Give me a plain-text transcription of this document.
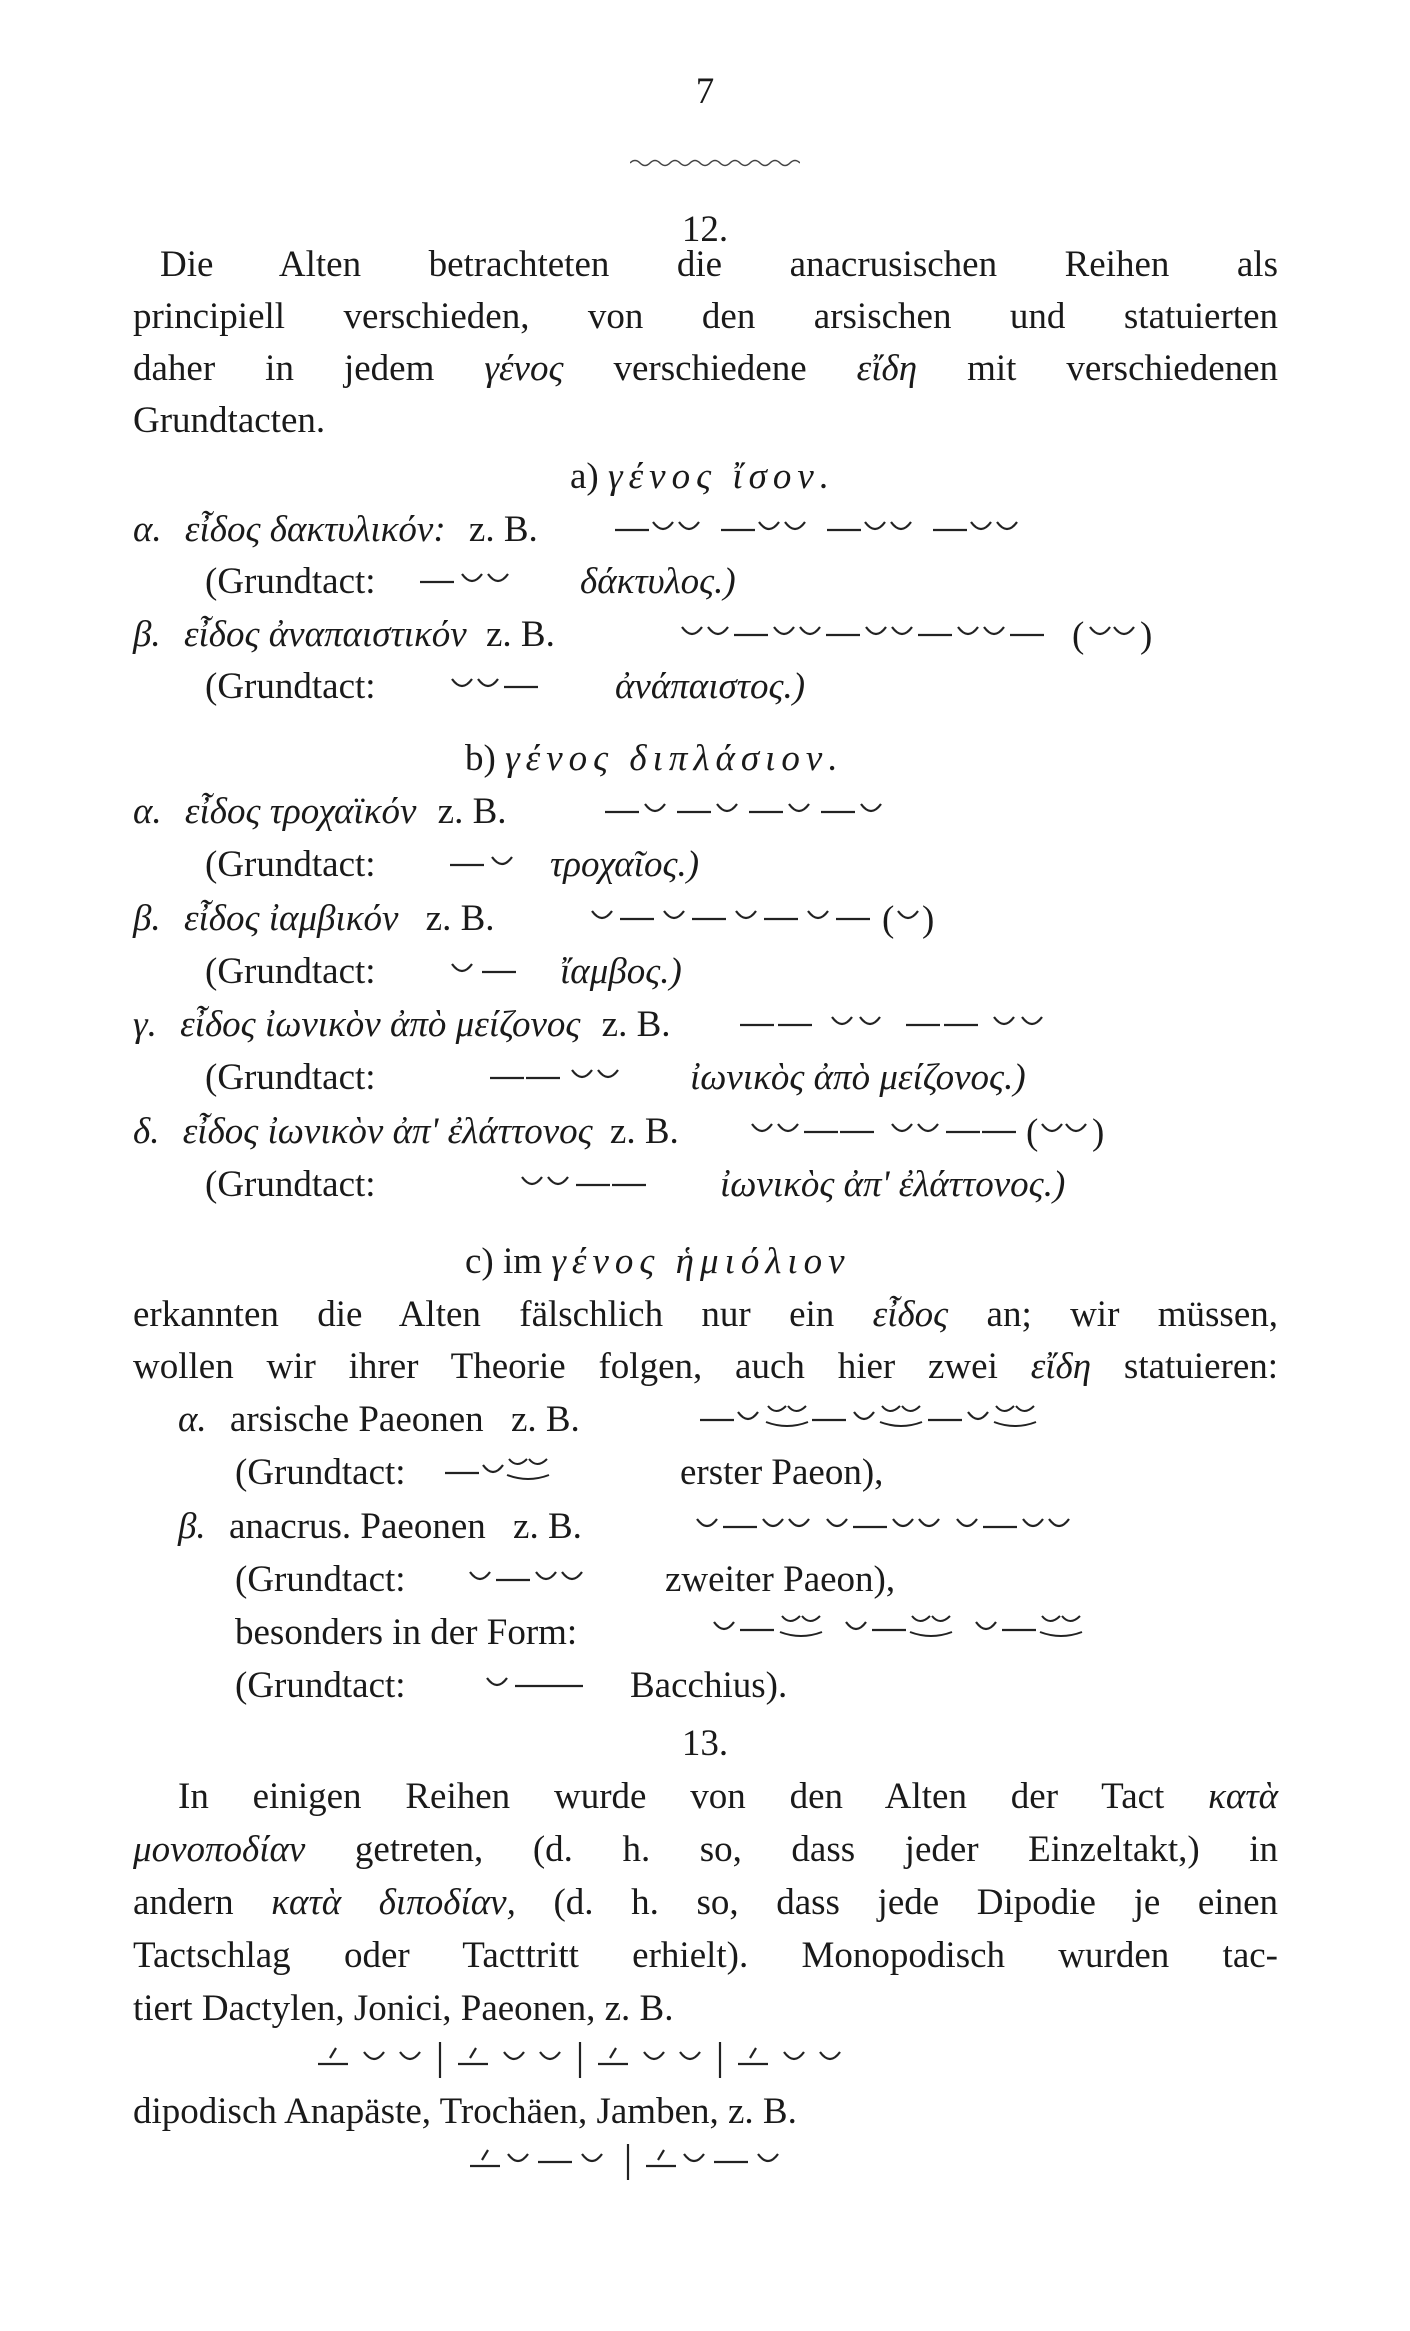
7
12.
Die Alten betrachteten die anacrusischen Reihen als
principiell verschieden, von den arsischen und statuierten
daher in jedem γένος verschiedene εἴδη mit verschiedenen
Grundtacten.
a) γένος ἴσον.
α. εἶδος δακτυλικόν: z. B.
(Grundtact:	δάκτυλος.)
β. εἶδος ἀναπαιστικόν z. B.	( )
(Grundtact:	ἀνάπαιστος.)
b) γένος διπλάσιον.
α. εἶδος τροχαϊκόν z. B.
(Grundtact:	τροχαῖος.)
β. εἶδος ἰαμβικόν z. B.	( )
(Grundtact:	ἴαμβος.)
γ. εἶδος ἰωνικὸν ἀπὸ μείζονος z. B.
(Grundtact:	ἰωνικὸς ἀπὸ μείζονος.)
δ. εἶδος ἰωνικὸν ἀπ' ἐλάττονος z. B.	( )
(Grundtact:	ἰωνικὸς ἀπ' ἐλάττονος.)
c) im γένος ἡμιόλιον
erkannten die Alten fälschlich nur ein εἶδος an; wir müssen,
wollen wir ihrer Theorie folgen, auch hier zwei εἴδη statuieren:
α. arsische Paeonen z. B.
(Grundtact:	erster Paeon),
β. anacrus. Paeonen z. B.
(Grundtact:	zweiter Paeon),
besonders in der Form:
(Grundtact:	Bacchius).
13.
In einigen Reihen wurde von den Alten der Tact κατὰ
μονοποδίαν getreten, (d. h. so, dass jeder Einzeltakt,) in
andern κατὰ διποδίαν, (d. h. so, dass jede Dipodie je einen
Tactschlag oder Tacttritt erhielt). Monopodisch wurden tac-
tiert Dactylen, Jonici, Paeonen, z. B.
dipodisch Anapäste, Trochäen, Jamben, z. B.
